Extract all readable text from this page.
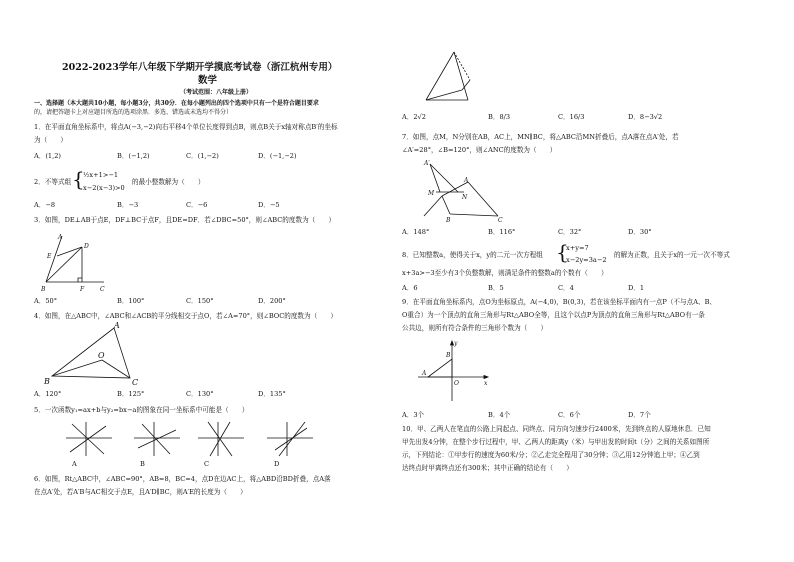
2022-2023学年八年级下学期开学摸底考试卷（浙江杭州专用）
数学
（考试范围：八年级上册）
一、选择题（本大题共10小题，每小题3分，共30分．在每小题列出的四个选项中只有一个是符合题目要求
的，请把答题卡上对应题目所选的选项涂黑．多选、错选或未选均不得分）
1．在平面直角坐标系中，将点A(−3,−2)向右平移4个单位长度得到点B，则点B关于x轴对称点B′的坐标
为（　　）
A．(1,2)	B．(−1,2)	C．(1,−2)	D．(−1,−2)
2．不等式组 {
½x+1>−1
x−2(x−3)>0
的最小整数解为（　　）
A．−8	B．−3	C．−6	D．−5
3．如图，DE⊥AB于点E，DF⊥BC于点F，且DE=DF．若∠DBC=50°，则∠ABC的度数为（　　）
A
E
D
B	F	C
A．50°	B．100°	C．150°	D．200°
4．如图，在△ABC中，∠ABC和∠ACB的平分线相交于点O，若∠A=70°，则∠BOC的度数为（　　）
A
O
B	C
A．120°	B．125°	C．130°	D．135°
5．一次函数y₁=ax+b与y₂=bx−a的图象在同一坐标系中可能是（　　）
A	B	C	D
6．如图，Rt△ABC中，∠ABC=90°，AB=8，BC=4，点D在边AC上，将△ABD沿BD折叠，点A落
在点A′处，若A′B与AC相交于点E，且A′D∥BC，则A′E的长度为（　　）
A．2√2	B．8/3	C．16/3	D．8−3√2
7．如图，点M，N分别在AB，AC上，MN∥BC，将△ABC沿MN折叠后，点A落在点A′处，若
∠A′=28°，∠B=120°，则∠ANC的度数为（　　）
A′
A
M
N
B	C
A．148°	B．116°	C．32°	D．30°
8．已知整数a，使得关于x，y的二元一次方程组 {
x+y=7
x−2y=3a−2
的解为正数，且关于x的一元一次不等式
x+3a>−3至少有3个负整数解，则满足条件的整数a的个数有（　　）
A．6	B．5	C．4	D．1
9．在平面直角坐标系内，点O为坐标原点，A(−4,0)，B(0,3)，若在该坐标平面内有一点P（不与点A、B、
O重合）为一个顶点的直角三角形与Rt△ABO全等，且这个以点P为顶点的直角三角形与Rt△ABO有一条
公共边，则所有符合条件的三角形个数为（　　）
y
B
A
O	x
A．3个	B．4个	C．6个	D．7个
10．甲、乙两人在笔直的公路上同起点、同终点、同方向匀速步行2400米，先到终点的人原地休息．已知
甲先出发4分钟，在整个步行过程中，甲、乙两人的距离y（米）与甲出发的时间t（分）之间的关系如图所
示，下列结论：①甲步行的速度为60米/分；②乙走完全程用了30分钟；③乙用12分钟追上甲；④乙到
达终点时甲离终点还有300米；其中正确的结论有（　　）
